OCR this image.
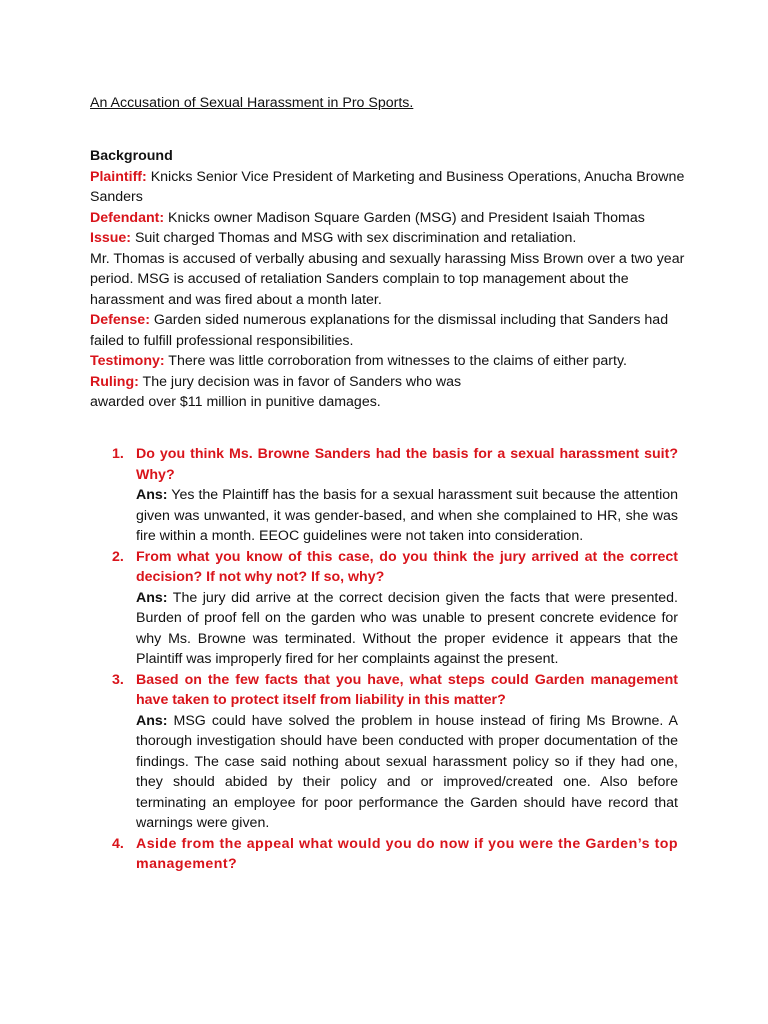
An Accusation of Sexual Harassment in Pro Sports.

Background

Plaintiff: Knicks Senior Vice President of Marketing and Business Operations, Anucha Browne Sanders

Defendant: Knicks owner Madison Square Garden (MSG) and President Isaiah Thomas

Issue: Suit charged Thomas and MSG with sex discrimination and retaliation.

Mr. Thomas is accused of verbally abusing and sexually harassing Miss Brown over a two year period. MSG is accused of retaliation Sanders complain to top management about the harassment and was fired about a month later.

Defense: Garden sided numerous explanations for the dismissal including that Sanders had failed to fulfill professional responsibilities.

Testimony: There was little corroboration from witnesses to the claims of either party.

Ruling: The jury decision was in favor of Sanders who was

awarded over $11 million in punitive damages.

1. Do you think Ms. Browne Sanders had the basis for a sexual harassment suit? Why?
Ans: Yes the Plaintiff has the basis for a sexual harassment suit because the attention given was unwanted, it was gender-based, and when she complained to HR, she was fire within a month. EEOC guidelines were not taken into consideration.
2. From what you know of this case, do you think the jury arrived at the correct decision? If not why not? If so, why?
Ans: The jury did arrive at the correct decision given the facts that were presented. Burden of proof fell on the garden who was unable to present concrete evidence for why Ms. Browne was terminated. Without the proper evidence it appears that the Plaintiff was improperly fired for her complaints against the present.
3. Based on the few facts that you have, what steps could Garden management have taken to protect itself from liability in this matter?
Ans: MSG could have solved the problem in house instead of firing Ms Browne. A thorough investigation should have been conducted with proper documentation of the findings. The case said nothing about sexual harassment policy so if they had one, they should abided by their policy and or improved/created one. Also before terminating an employee for poor performance the Garden should have record that warnings were given.
4. Aside from the appeal what would you do now if you were the Garden’s top management?
